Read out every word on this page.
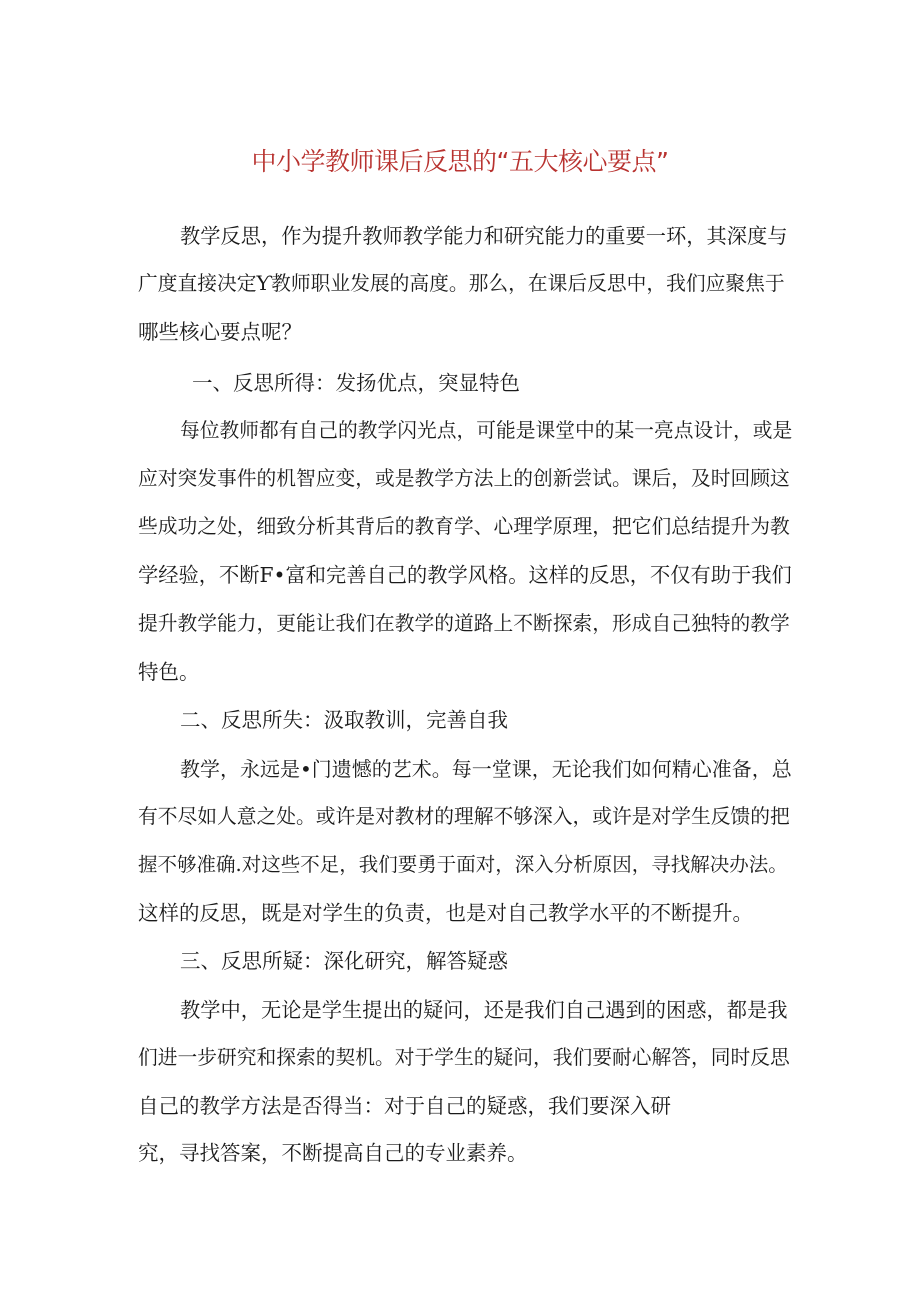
中小学教师课后反思的“五大核心要点”
教学反思，作为提升教师教学能力和研究能力的重要一环，其深度与
广度直接决定Ƴ教师职业发展的高度。那么，在课后反思中，我们应聚焦于
哪些核心要点呢？
一、反思所得：发扬优点，突显特色
每位教师都有自己的教学闪光点，可能是课堂中的某一亮点设计，或是
应对突发事件的机智应变，或是教学方法上的创新尝试。课后，及时回顾这
些成功之处，细致分析其背后的教育学、心理学原理，把它们总结提升为教
学经验，不断F•富和完善自己的教学风格。这样的反思，不仅有助于我们
提升教学能力，更能让我们在教学的道路上不断探索，形成自己独特的教学
特色。
二、反思所失：汲取教训，完善自我
教学，永远是•门遗憾的艺术。每一堂课，无论我们如何精心准备，总
有不尽如人意之处。或许是对教材的理解不够深入，或许是对学生反馈的把
握不够准确.对这些不足，我们要勇于面对，深入分析原因，寻找解决办法。
这样的反思，既是对学生的负责，也是对自己教学水平的不断提升。
三、反思所疑：深化研究，解答疑惑
教学中，无论是学生提出的疑问，还是我们自己遇到的困惑，都是我
们进一步研究和探索的契机。对于学生的疑问，我们要耐心解答，同时反思
自己的教学方法是否得当：对于自己的疑惑，我们要深入研
究，寻找答案，不断提高自己的专业素养。
